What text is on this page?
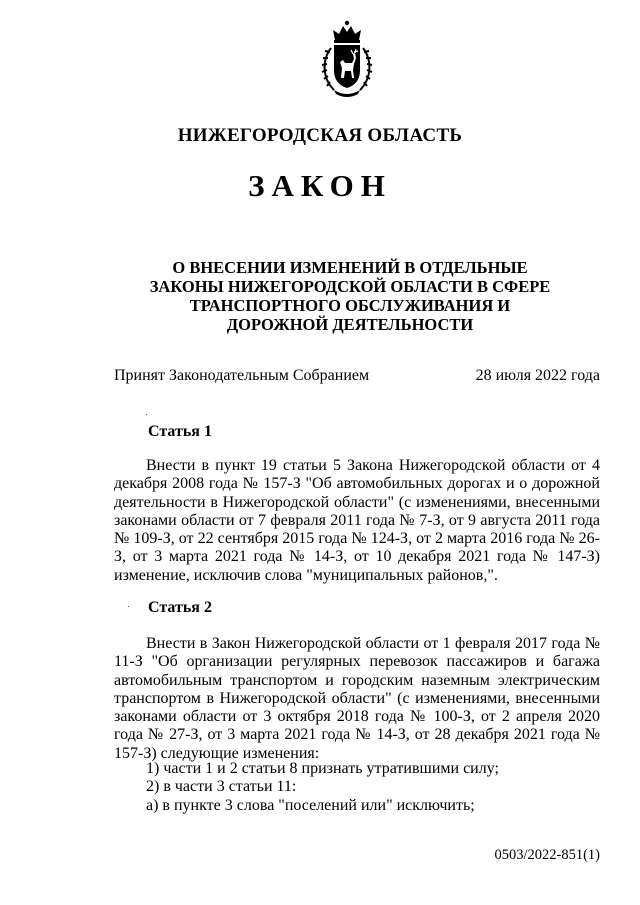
НИЖЕГОРОДСКАЯ ОБЛАСТЬ
ЗАКОН
О ВНЕСЕНИИ ИЗМЕНЕНИЙ В ОТДЕЛЬНЫЕ ЗАКОНЫ НИЖЕГОРОДСКОЙ ОБЛАСТИ В СФЕРЕ ТРАНСПОРТНОГО ОБСЛУЖИВАНИЯ И ДОРОЖНОЙ ДЕЯТЕЛЬНОСТИ
Принят Законодательным Собранием	28 июля 2022 года
Статья 1

Внести в пункт 19 статьи 5 Закона Нижегородской области от 4 декабря 2008 года № 157-З "Об автомобильных дорогах и о дорожной деятельности в Нижегородской области" (с изменениями, внесенными законами области от 7 февраля 2011 года № 7-З, от 9 августа 2011 года № 109-З, от 22 сентября 2015 года № 124-З, от 2 марта 2016 года № 26-З, от 3 марта 2021 года № 14-З, от 10 декабря 2021 года № 147-З) изменение, исключив слова "муниципальных районов,".

Статья 2

Внести в Закон Нижегородской области от 1 февраля 2017 года № 11-З "Об организации регулярных перевозок пассажиров и багажа автомобильным транспортом и городским наземным электрическим транспортом в Нижегородской области" (с изменениями, внесенными законами области от 3 октября 2018 года № 100-З, от 2 апреля 2020 года № 27-З, от 3 марта 2021 года № 14-З, от 28 декабря 2021 года № 157-З) следующие изменения:

1) части 1 и 2 статьи 8 признать утратившими силу;
2) в части 3 статьи 11:
а) в пункте 3 слова "поселений или" исключить;
0503/2022-851(1)
